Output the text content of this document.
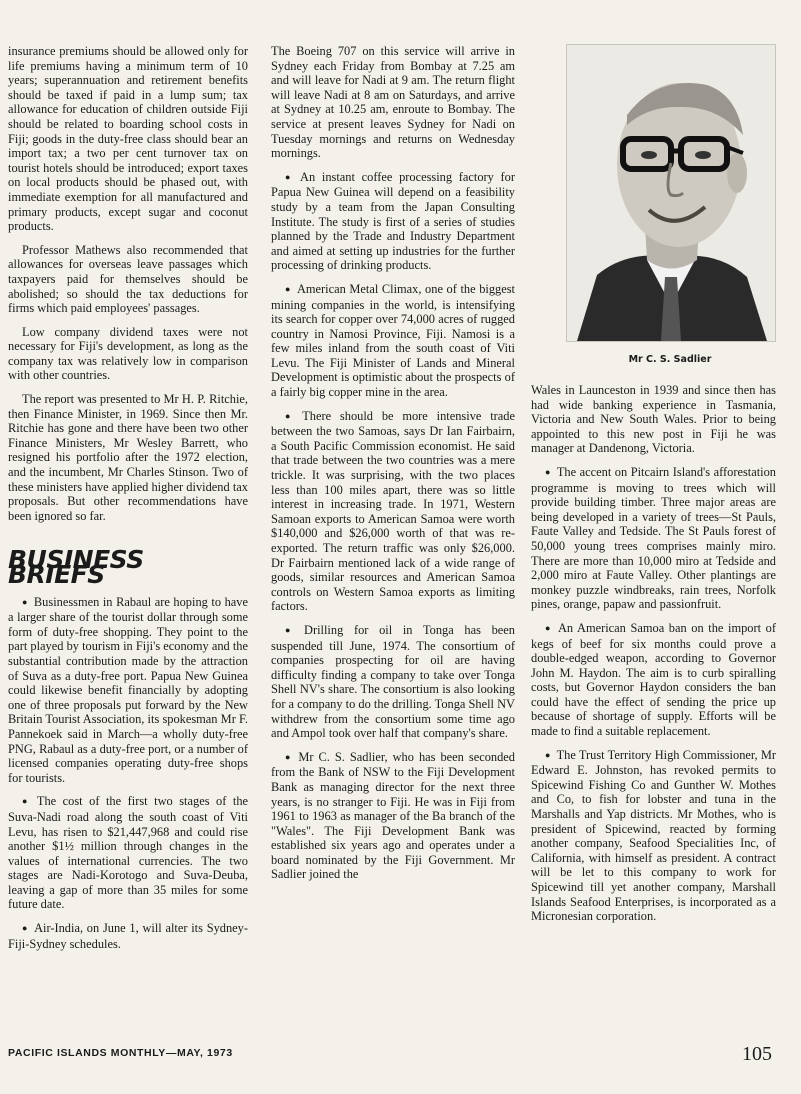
insurance premiums should be allowed only for life premiums having a minimum term of 10 years; superannuation and retirement benefits should be taxed if paid in a lump sum; tax allowance for education of children outside Fiji should be related to boarding school costs in Fiji; goods in the duty-free class should bear an import tax; a two per cent turnover tax on tourist hotels should be introduced; export taxes on local products should be phased out, with immediate exemption for all manufactured and primary products, except sugar and coconut products.

Professor Mathews also recommended that allowances for overseas leave passages which taxpayers paid for themselves should be abolished; so should the tax deductions for firms which paid employees' passages.

Low company dividend taxes were not necessary for Fiji's development, as long as the company tax was relatively low in comparison with other countries.

The report was presented to Mr H. P. Ritchie, then Finance Minister, in 1969. Since then Mr. Ritchie has gone and there have been two other Finance Ministers, Mr Wesley Barrett, who resigned his portfolio after the 1972 election, and the incumbent, Mr Charles Stinson. Two of these ministers have applied higher dividend tax proposals. But other recommendations have been ignored so far.

BUSINESS BRIEFS

● Businessmen in Rabaul are hoping to have a larger share of the tourist dollar through some form of duty-free shopping. They point to the part played by tourism in Fiji's economy and the substantial contribution made by the attraction of Suva as a duty-free port. Papua New Guinea could likewise benefit financially by adopting one of three proposals put forward by the New Britain Tourist Association, its spokesman Mr F. Pannekoek said in March—a wholly duty-free PNG, Rabaul as a duty-free port, or a number of licensed companies operating duty-free shops for tourists.

● The cost of the first two stages of the Suva-Nadi road along the south coast of Viti Levu, has risen to $21,447,968 and could rise another $1½ million through changes in the values of international currencies. The two stages are Nadi-Korotogo and Suva-Deuba, leaving a gap of more than 35 miles for some future date.

● Air-India, on June 1, will alter its Sydney-Fiji-Sydney schedules.

The Boeing 707 on this service will arrive in Sydney each Friday from Bombay at 7.25 am and will leave for Nadi at 9 am. The return flight will leave Nadi at 8 am on Saturdays, and arrive at Sydney at 10.25 am, enroute to Bombay. The service at present leaves Sydney for Nadi on Tuesday mornings and returns on Wednesday mornings.

● An instant coffee processing factory for Papua New Guinea will depend on a feasibility study by a team from the Japan Consulting Institute. The study is first of a series of studies planned by the Trade and Industry Department and aimed at setting up industries for the further processing of drinking products.

● American Metal Climax, one of the biggest mining companies in the world, is intensifying its search for copper over 74,000 acres of rugged country in Namosi Province, Fiji. Namosi is a few miles inland from the south coast of Viti Levu. The Fiji Minister of Lands and Mineral Development is optimistic about the prospects of a fairly big copper mine in the area.

● There should be more intensive trade between the two Samoas, says Dr Ian Fairbairn, a South Pacific Commission economist. He said that trade between the two countries was a mere trickle. It was surprising, with the two places less than 100 miles apart, there was so little interest in increasing trade. In 1971, Western Samoan exports to American Samoa were worth $140,000 and $26,000 worth of that was re-exported. The return traffic was only $26,000. Dr Fairbairn mentioned lack of a wide range of goods, similar resources and American Samoa controls on Western Samoa exports as limiting factors.

● Drilling for oil in Tonga has been suspended till June, 1974. The consortium of companies prospecting for oil are having difficulty finding a company to take over Tonga Shell NV's share. The consortium is also looking for a company to do the drilling. Tonga Shell NV withdrew from the consortium some time ago and Ampol took over half that company's share.

● Mr C. S. Sadlier, who has been seconded from the Bank of NSW to the Fiji Development Bank as managing director for the next three years, is no stranger to Fiji. He was in Fiji from 1961 to 1963 as manager of the Ba branch of the "Wales". The Fiji Development Bank was established six years ago and operates under a board nominated by the Fiji Government. Mr Sadlier joined the

Mr C. S. Sadlier

Wales in Launceston in 1939 and since then has had wide banking experience in Tasmania, Victoria and New South Wales. Prior to being appointed to this new post in Fiji he was manager at Dandenong, Victoria.

● The accent on Pitcairn Island's afforestation programme is moving to trees which will provide building timber. Three major areas are being developed in a variety of trees—St Pauls, Faute Valley and Tedside. The St Pauls forest of 50,000 young trees comprises mainly miro. There are more than 10,000 miro at Tedside and 2,000 miro at Faute Valley. Other plantings are monkey puzzle windbreaks, rain trees, Norfolk pines, orange, papaw and passionfruit.

● An American Samoa ban on the import of kegs of beef for six months could prove a double-edged weapon, according to Governor John M. Haydon. The aim is to curb spiralling costs, but Governor Haydon considers the ban could have the effect of sending the price up because of shortage of supply. Efforts will be made to find a suitable replacement.

● The Trust Territory High Commissioner, Mr Edward E. Johnston, has revoked permits to Spicewind Fishing Co and Gunther W. Mothes and Co, to fish for lobster and tuna in the Marshalls and Yap districts. Mr Mothes, who is president of Spicewind, reacted by forming another company, Seafood Specialities Inc, of California, with himself as president. A contract will be let to this company to work for Spicewind till yet another company, Marshall Islands Seafood Enterprises, is incorporated as a Micronesian corporation.

PACIFIC ISLANDS MONTHLY—MAY, 1973	105
